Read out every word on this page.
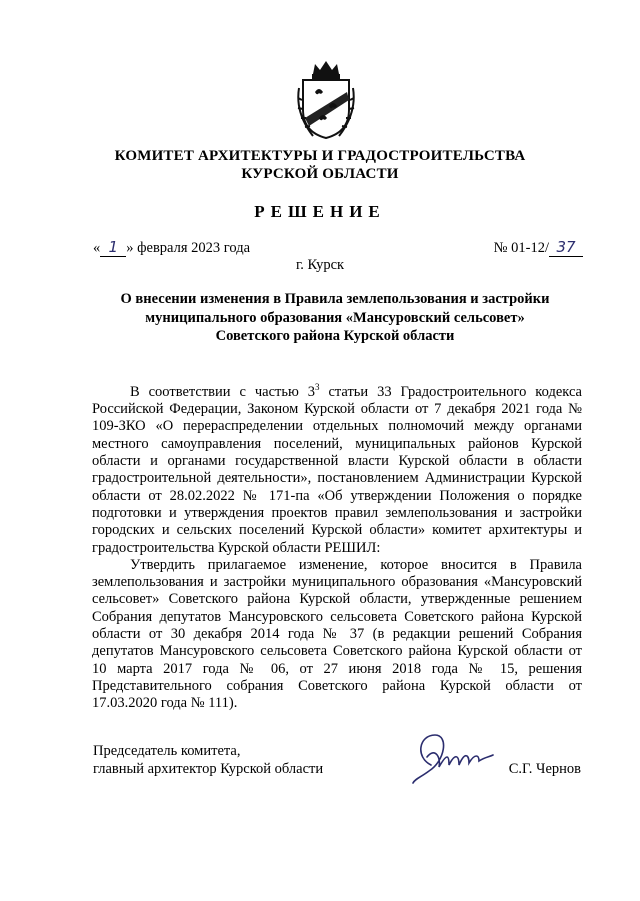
КОМИТЕТ АРХИТЕКТУРЫ И ГРАДОСТРОИТЕЛЬСТВА
КУРСКОЙ ОБЛАСТИ
РЕШЕНИЕ
« 1 » февраля 2023 года	№ 01-12/ 37
г. Курск
О внесении изменения в Правила землепользования и застройки
муниципального образования «Мансуровский сельсовет»
Советского района Курской области

В соответствии с частью $3^3$ статьи 33 Градостроительного кодекса Российской Федерации, Законом Курской области от 7 декабря 2021 года № 109-ЗКО «О перераспределении отдельных полномочий между органами местного самоуправления поселений, муниципальных районов Курской области и органами государственной власти Курской области в области градостроительной деятельности», постановлением Администрации Курской области от 28.02.2022 № 171-па «Об утверждении Положения о порядке подготовки и утверждения проектов правил землепользования и застройки городских и сельских поселений Курской области» комитет архитектуры и градостроительства Курской области РЕШИЛ:

Утвердить прилагаемое изменение, которое вносится в Правила землепользования и застройки муниципального образования «Мансуровский сельсовет» Советского района Курской области, утвержденные решением Собрания депутатов Мансуровского сельсовета Советского района Курской области от 30 декабря 2014 года № 37 (в редакции решений Собрания депутатов Мансуровского сельсовета Советского района Курской области от 10 марта 2017 года № 06, от 27 июня 2018 года № 15, решения Представительного собрания Советского района Курской области от 17.03.2020 года № 111).

Председатель комитета,
главный архитектор Курской области	С.Г. Чернов
